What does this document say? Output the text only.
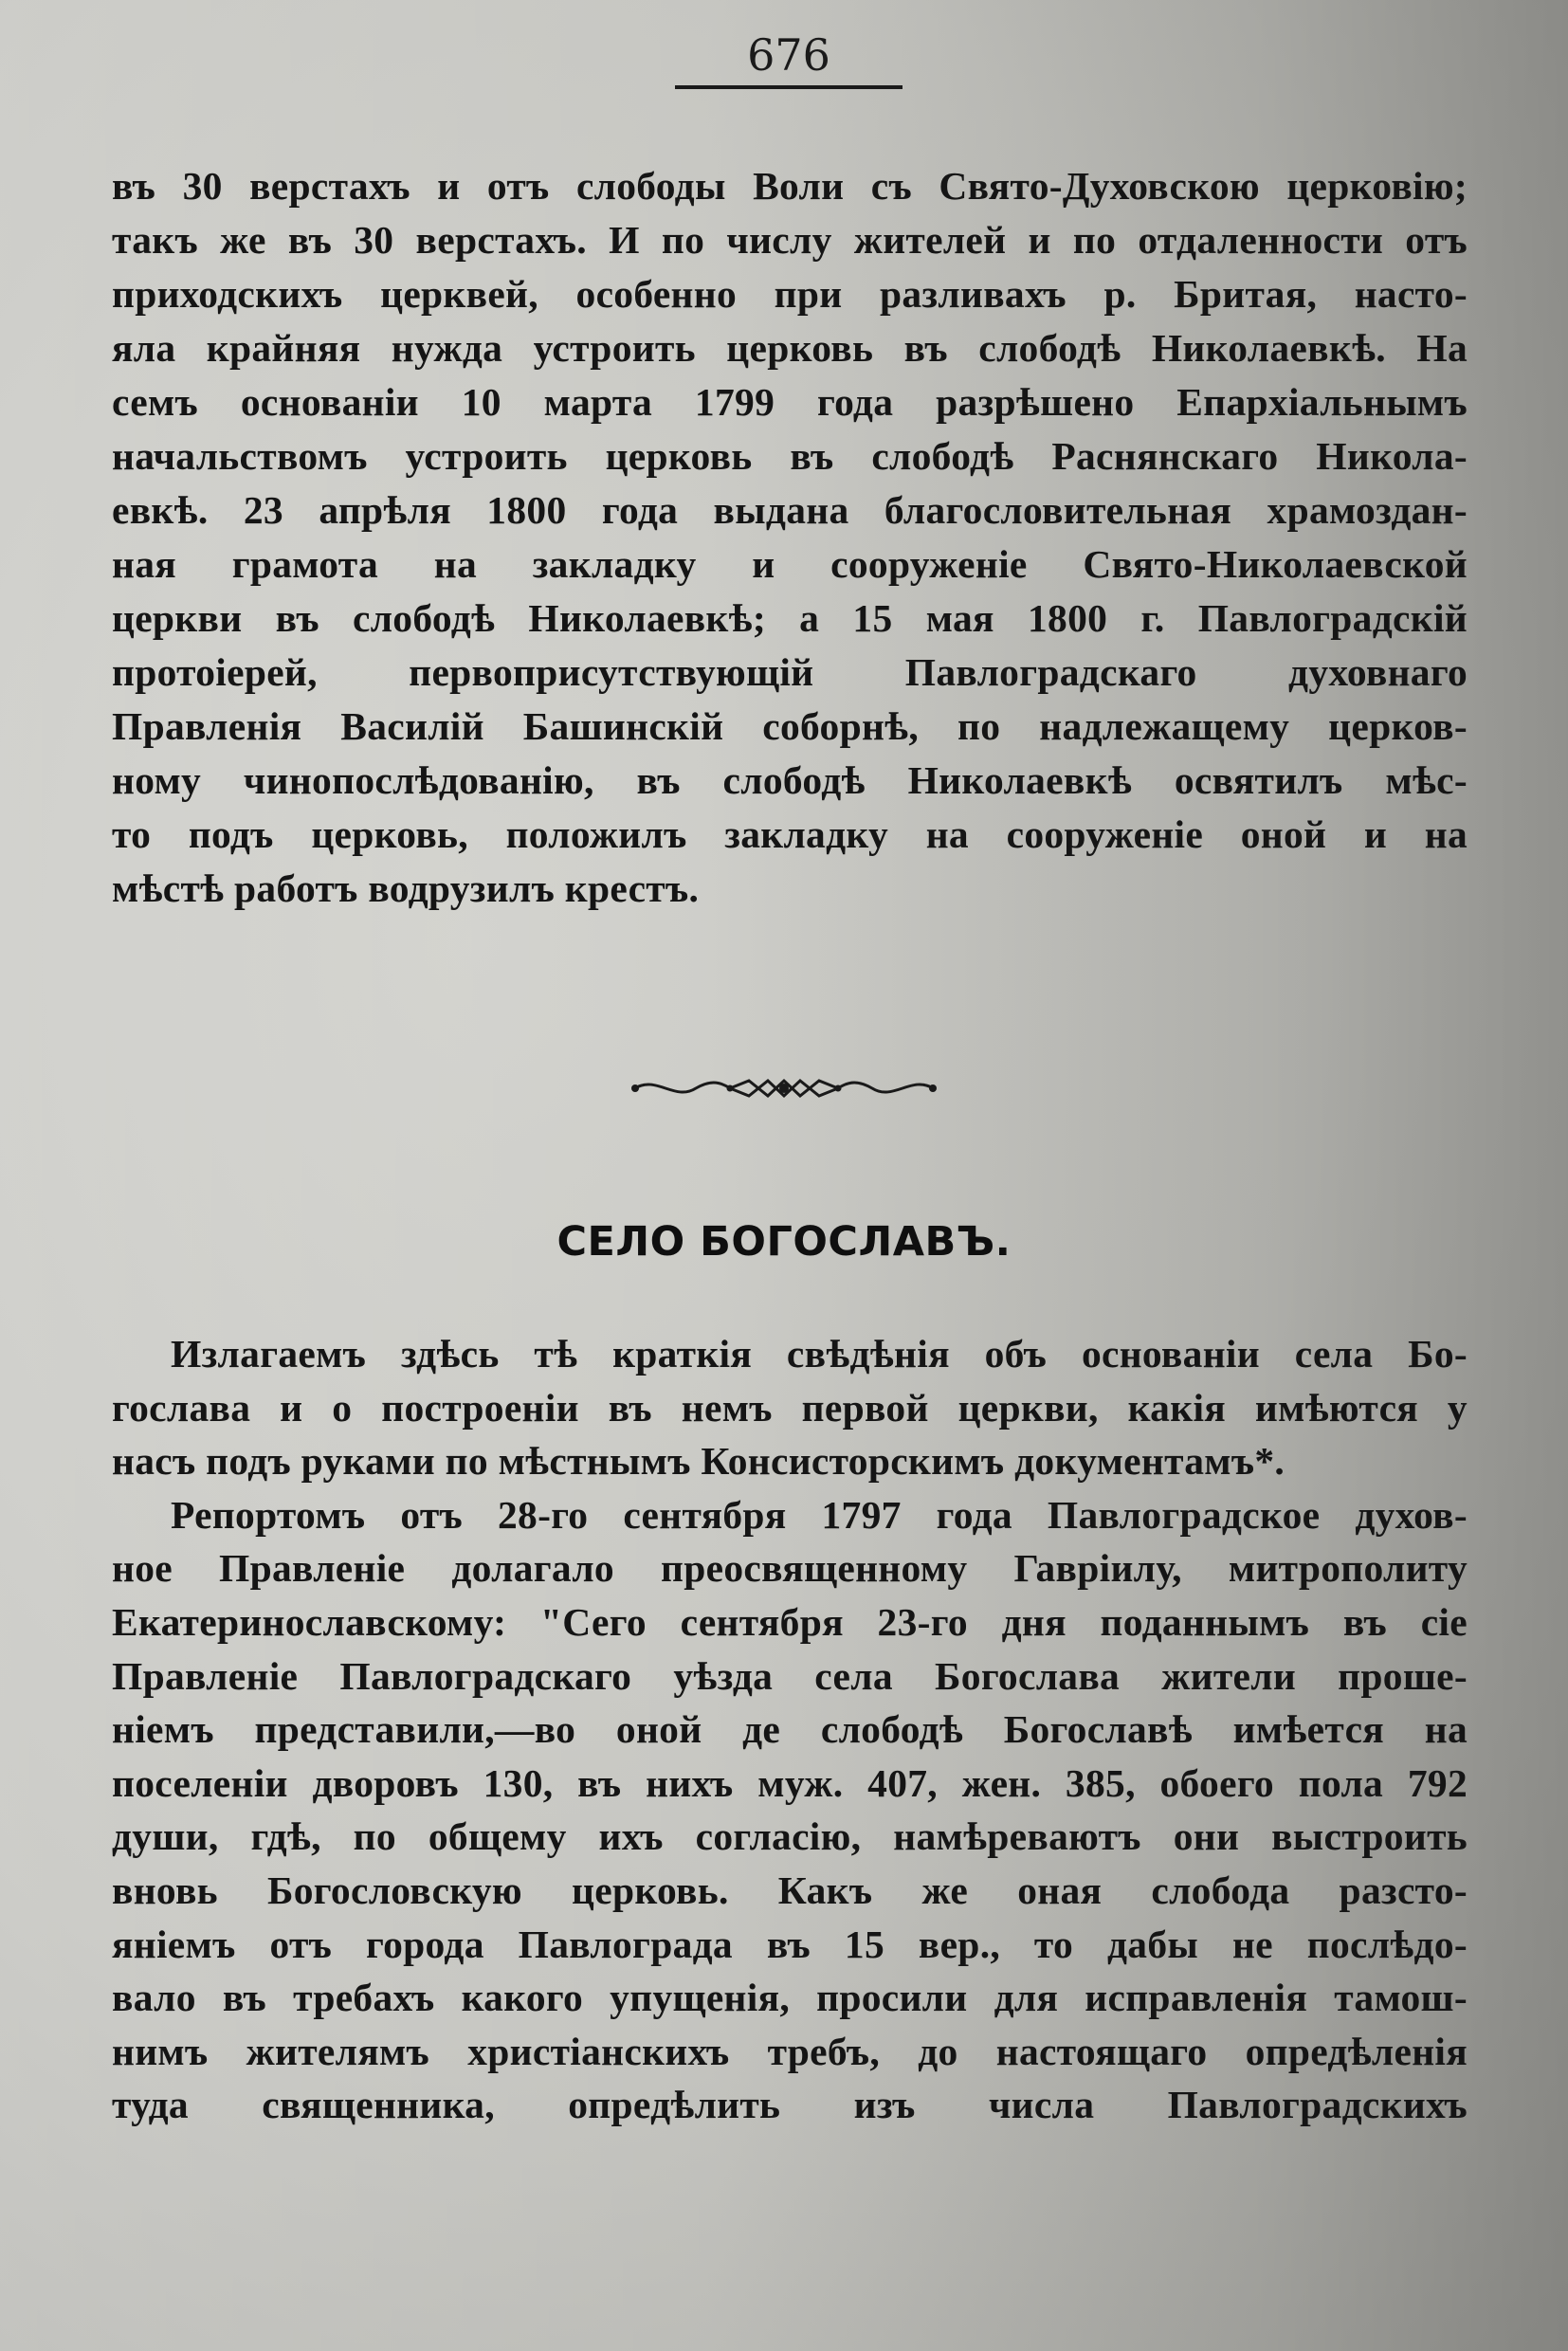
676
въ 30 верстахъ и отъ слободы Воли съ Свято-Духовскою церковію;
такъ же въ 30 верстахъ. И по числу жителей и по отдаленности отъ
приходскихъ церквей, особенно при разливахъ р. Бритая, насто-
яла крайняя нужда устроить церковь въ слободѣ Николаевкѣ. На
семъ основаніи 10 марта 1799 года разрѣшено Епархіальнымъ
начальствомъ устроить церковь въ слободѣ Раснянскаго Никола-
евкѣ. 23 апрѣля 1800 года выдана благословительная храмоздан-
ная грамота на закладку и сооруженіе Свято-Николаевской
церкви въ слободѣ Николаевкѣ; а 15 мая 1800 г. Павлоградскій
протоіерей, первоприсутствующій Павлоградскаго духовнаго
Правленія Василій Башинскій соборнѣ, по надлежащему церков-
ному чинопослѣдованію, въ слободѣ Николаевкѣ освятилъ мѣс-
то подъ церковь, положилъ закладку на сооруженіе оной и на
мѣстѣ работъ водрузилъ крестъ.
СЕЛО БОГОСЛАВЪ.
Излагаемъ здѣсь тѣ краткія свѣдѣнія объ основаніи села Бо-
гослава и о построеніи въ немъ первой церкви, какія имѣются у
насъ подъ руками по мѣстнымъ Консисторскимъ документамъ*.
Репортомъ отъ 28-го сентября 1797 года Павлоградское духов-
ное Правленіе долагало преосвященному Гавріилу, митрополиту
Екатеринославскому: "Сего сентября 23-го дня поданнымъ въ сіе
Правленіе Павлоградскаго уѣзда села Богослава жители проше-
ніемъ представили,—во оной де слободѣ Богославѣ имѣется на
поселеніи дворовъ 130, въ нихъ муж. 407, жен. 385, обоего пола 792
души, гдѣ, по общему ихъ согласію, намѣреваютъ они выстроить
вновь Богословскую церковь. Какъ же оная слобода разсто-
яніемъ отъ города Павлограда въ 15 вер., то дабы не послѣдо-
вало въ требахъ какого упущенія, просили для исправленія тамош-
нимъ жителямъ христіанскихъ требъ, до настоящаго опредѣленія
туда священника, опредѣлить изъ числа Павлоградскихъ
